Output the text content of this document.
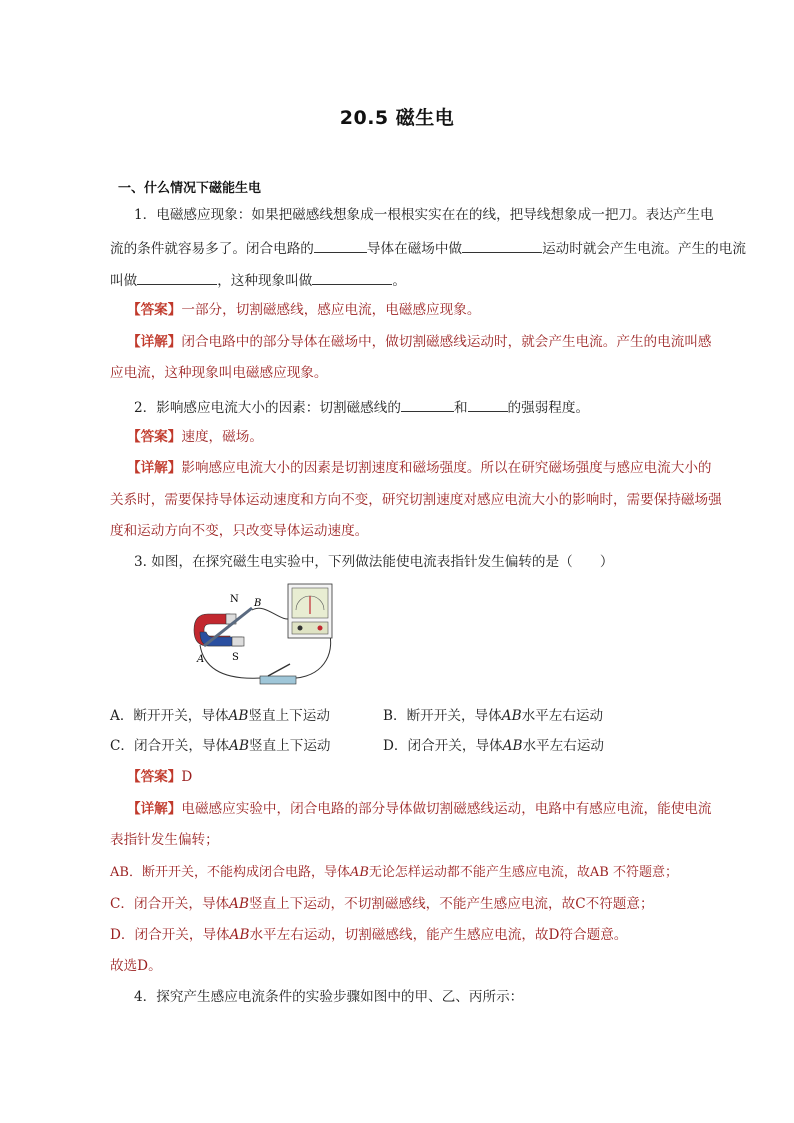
20.5 磁生电
一、什么情况下磁能生电
1．电磁感应现象：如果把磁感线想象成一根根实实在在的线，把导线想象成一把刀。表达产生电
流的条件就容易多了。闭合电路的	导体在磁场中做	运动时就会产生电流。产生的电流
叫做	，这种现象叫做	。
【答案】一部分，切割磁感线，感应电流，电磁感应现象。
【详解】闭合电路中的部分导体在磁场中，做切割磁感线运动时，就会产生电流。产生的电流叫感
应电流，这种现象叫电磁感应现象。
2．影响感应电流大小的因素：切割磁感线的	和	的强弱程度。
【答案】速度，磁场。
【详解】影响感应电流大小的因素是切割速度和磁场强度。所以在研究磁场强度与感应电流大小的
关系时，需要保持导体运动速度和方向不变，研究切割速度对感应电流大小的影响时，需要保持磁场强
度和运动方向不变，只改变导体运动速度。
3. 如图，在探究磁生电实验中，下列做法能使电流表指针发生偏转的是（　　）
N
S
A
B
A．断开开关，导体AB竖直上下运动	B．断开开关，导体AB水平左右运动
C．闭合开关，导体AB竖直上下运动	D．闭合开关，导体AB水平左右运动
【答案】D
【详解】电磁感应实验中，闭合电路的部分导体做切割磁感线运动，电路中有感应电流，能使电流
表指针发生偏转；
AB．断开开关，不能构成闭合电路，导体AB无论怎样运动都不能产生感应电流，故AB 不符题意；
C．闭合开关，导体AB竖直上下运动，不切割磁感线，不能产生感应电流，故C不符题意；
D．闭合开关，导体AB水平左右运动，切割磁感线，能产生感应电流，故D符合题意。
故选D。
4．探究产生感应电流条件的实验步骤如图中的甲、乙、丙所示：
